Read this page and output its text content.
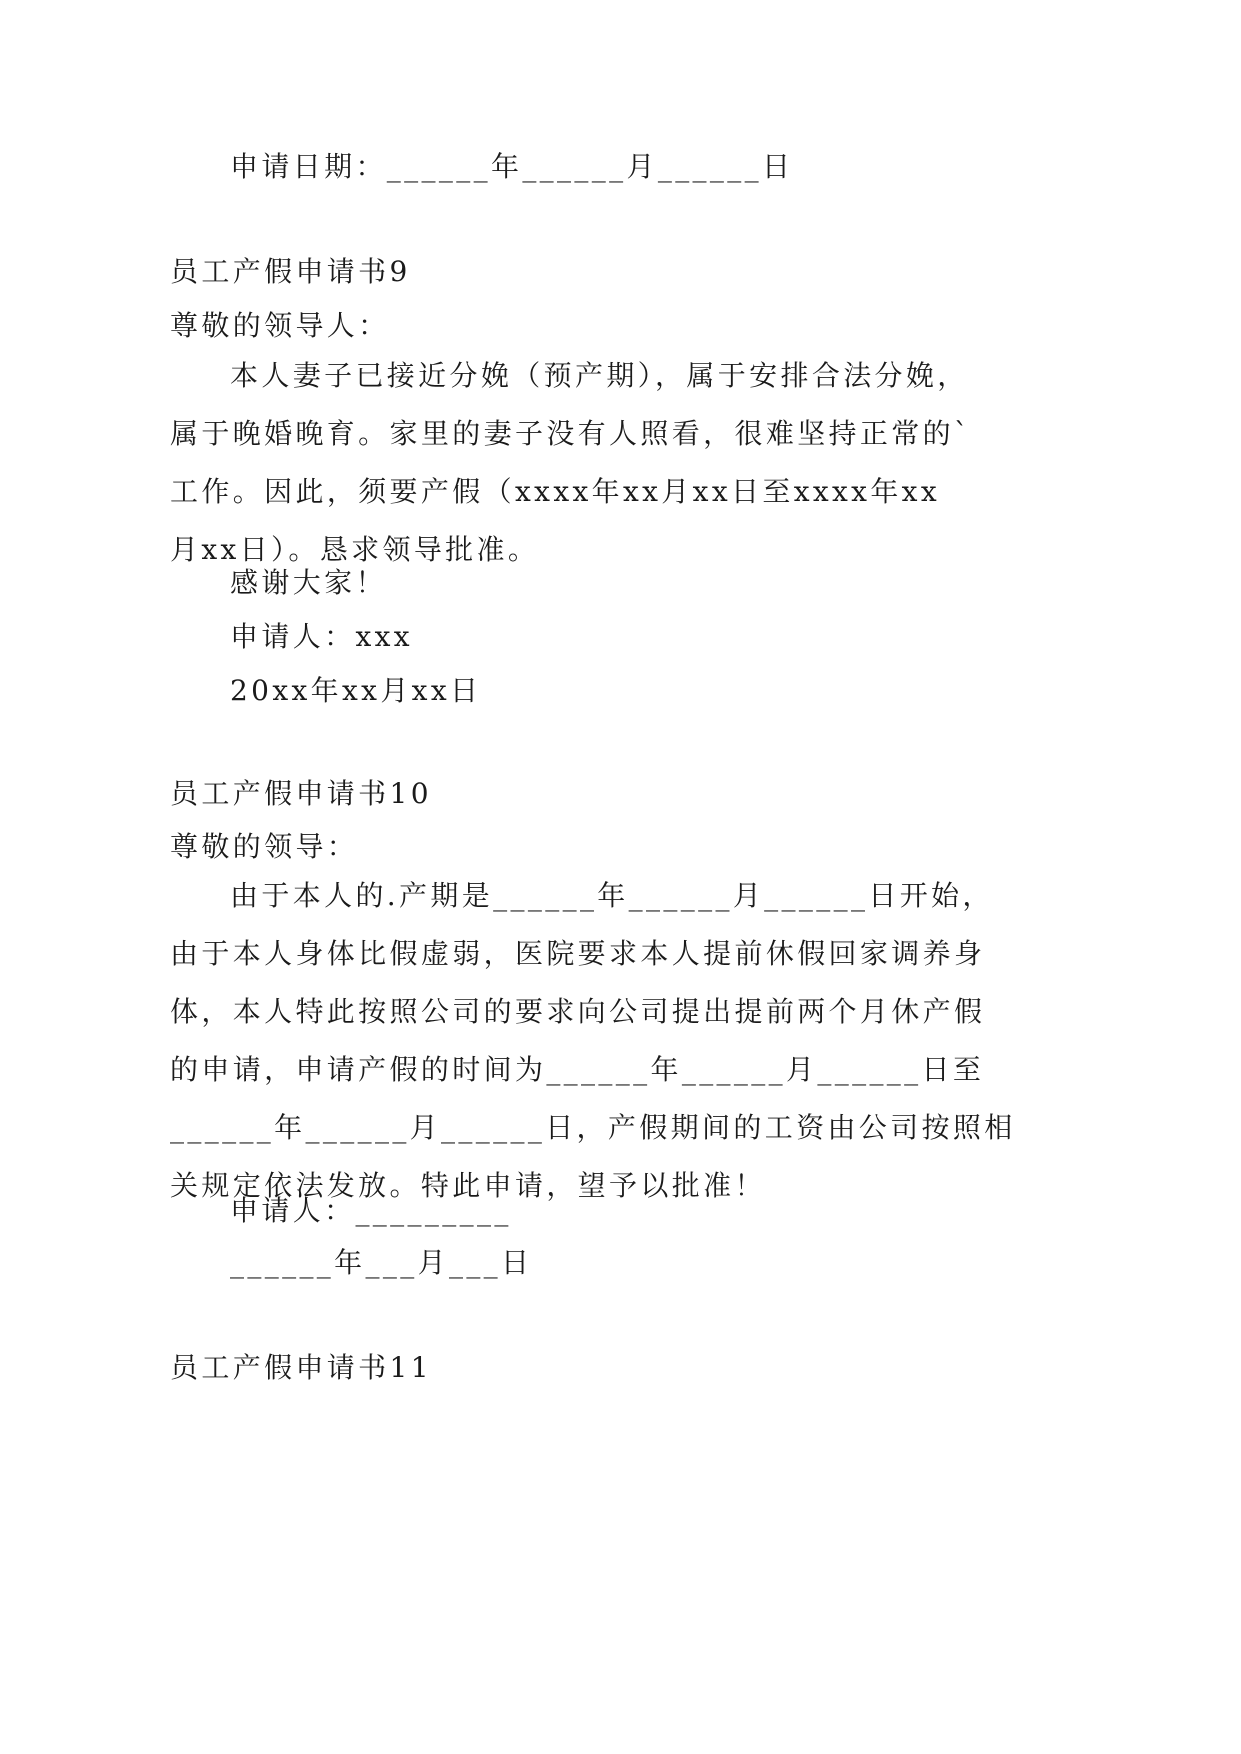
申请日期：______年______月______日
员工产假申请书9
尊敬的领导人：
本人妻子已接近分娩（预产期），属于安排合法分娩，
属于晚婚晚育。家里的妻子没有人照看，很难坚持正常的`
工作。因此，须要产假（xxxx年xx月xx日至xxxx年xx
月xx日）。恳求领导批准。
感谢大家！
申请人：xxx
20xx年xx月xx日
员工产假申请书10
尊敬的领导：
由于本人的.产期是______年______月______日开始，
由于本人身体比假虚弱，医院要求本人提前休假回家调养身
体，本人特此按照公司的要求向公司提出提前两个月休产假
的申请，申请产假的时间为______年______月______日至
______年______月______日，产假期间的工资由公司按照相
关规定依法发放。特此申请，望予以批准！
申请人：_________
______年___月___日
员工产假申请书11
